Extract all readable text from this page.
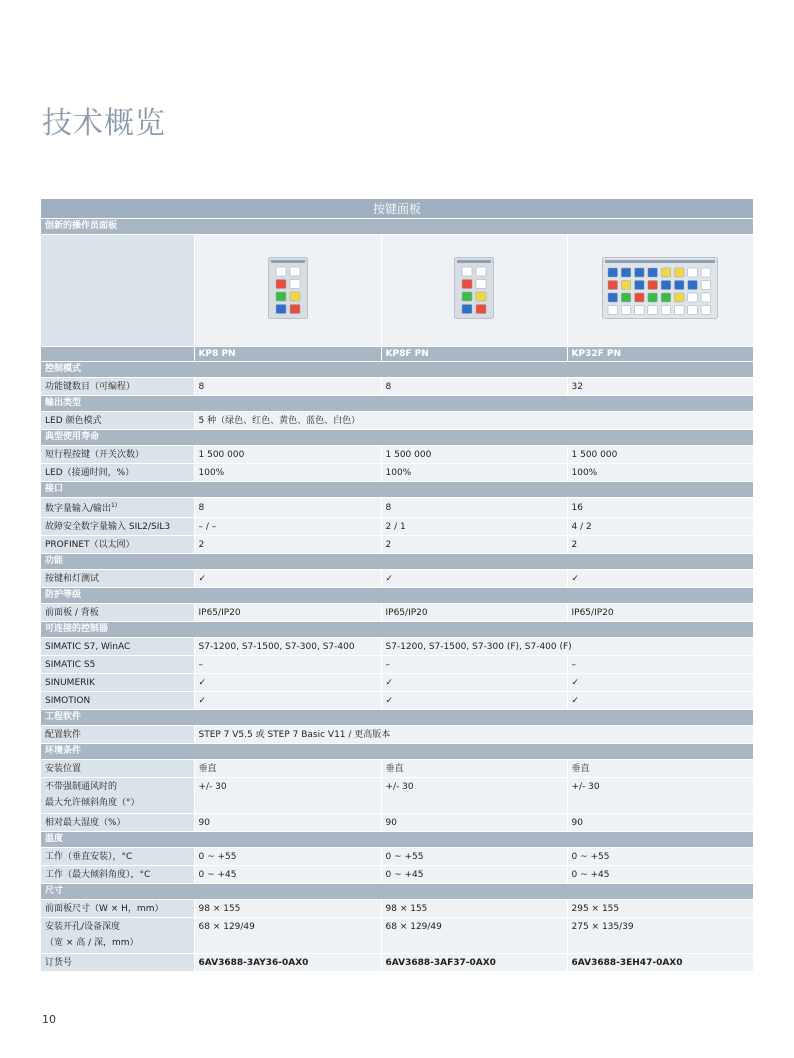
技术概览
按键面板			
创新的操作员面板			

	KP8 PN	KP8F PN	KP32F PN
控制模式			
功能键数目（可编程）	8	8	32
输出类型			
LED 颜色模式	5 种（绿色、红色、黄色、蓝色、白色）		
典型使用寿命			
短行程按键（开关次数）	1 500 000	1 500 000	1 500 000
LED（接通时间，%）	100%	100%	100%
接口			
数字量输入/输出$^{1)}$	8	8	16
故障安全数字量输入 SIL2/SIL3	– / –	2 / 1	4 / 2
PROFINET（以太网）	2	2	2
功能			
按键和灯测试	✓	✓	✓
防护等级			
前面板 / 背板	IP65/IP20	IP65/IP20	IP65/IP20
可连接的控制器			
SIMATIC S7, WinAC	S7-1200, S7-1500, S7-300, S7-400	S7-1200, S7-1500, S7-300 (F), S7-400 (F)	
SIMATIC S5	–	–	–
SINUMERIK	✓	✓	✓
SIMOTION	✓	✓	✓
工程软件			
配置软件	STEP 7 V5.5 或 STEP 7 Basic V11 / 更高版本		
环境条件			
安装位置	垂直	垂直	垂直
不带强制通风时的
最大允许倾斜角度（°）	+/- 30	+/- 30	+/- 30
相对最大湿度（%）	90	90	90
温度			
工作（垂直安装），°C	0 ~ +55	0 ~ +55	0 ~ +55
工作（最大倾斜角度），°C	0 ~ +45	0 ~ +45	0 ~ +45
尺寸			
前面板尺寸（W × H，mm）	98 × 155	98 × 155	295 × 155
安装开孔/设备深度
（宽 × 高 / 深，mm）	68 × 129/49	68 × 129/49	275 × 135/39
订货号	6AV3688-3AY36-0AX0	6AV3688-3AF37-0AX0	6AV3688-3EH47-0AX0
10
